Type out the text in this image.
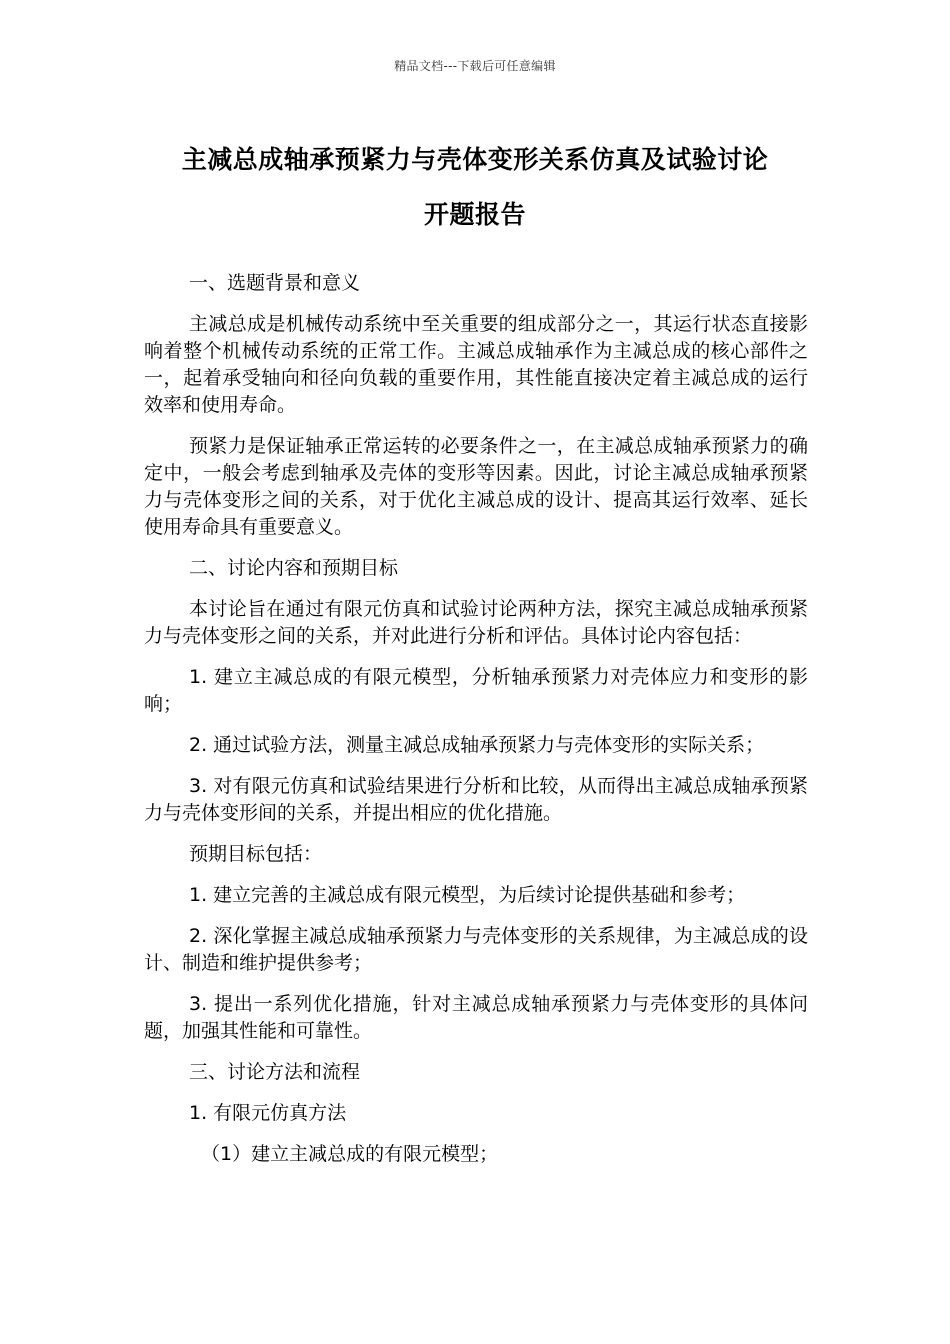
精品文档---下载后可任意编辑
主减总成轴承预紧力与壳体变形关系仿真及试验讨论
开题报告

一、选题背景和意义

主减总成是机械传动系统中至关重要的组成部分之一，其运行状态直接影响着整个机械传动系统的正常工作。主减总成轴承作为主减总成的核心部件之一，起着承受轴向和径向负载的重要作用，其性能直接决定着主减总成的运行效率和使用寿命。

预紧力是保证轴承正常运转的必要条件之一，在主减总成轴承预紧力的确定中，一般会考虑到轴承及壳体的变形等因素。因此，讨论主减总成轴承预紧力与壳体变形之间的关系，对于优化主减总成的设计、提高其运行效率、延长使用寿命具有重要意义。

二、讨论内容和预期目标

本讨论旨在通过有限元仿真和试验讨论两种方法，探究主减总成轴承预紧力与壳体变形之间的关系，并对此进行分析和评估。具体讨论内容包括：

1. 建立主减总成的有限元模型，分析轴承预紧力对壳体应力和变形的影响；

2. 通过试验方法，测量主减总成轴承预紧力与壳体变形的实际关系；

3. 对有限元仿真和试验结果进行分析和比较，从而得出主减总成轴承预紧力与壳体变形间的关系，并提出相应的优化措施。

预期目标包括：

1. 建立完善的主减总成有限元模型，为后续讨论提供基础和参考；

2. 深化掌握主减总成轴承预紧力与壳体变形的关系规律，为主减总成的设计、制造和维护提供参考；

3. 提出一系列优化措施，针对主减总成轴承预紧力与壳体变形的具体问题，加强其性能和可靠性。

三、讨论方法和流程

1. 有限元仿真方法

（1）建立主减总成的有限元模型；
